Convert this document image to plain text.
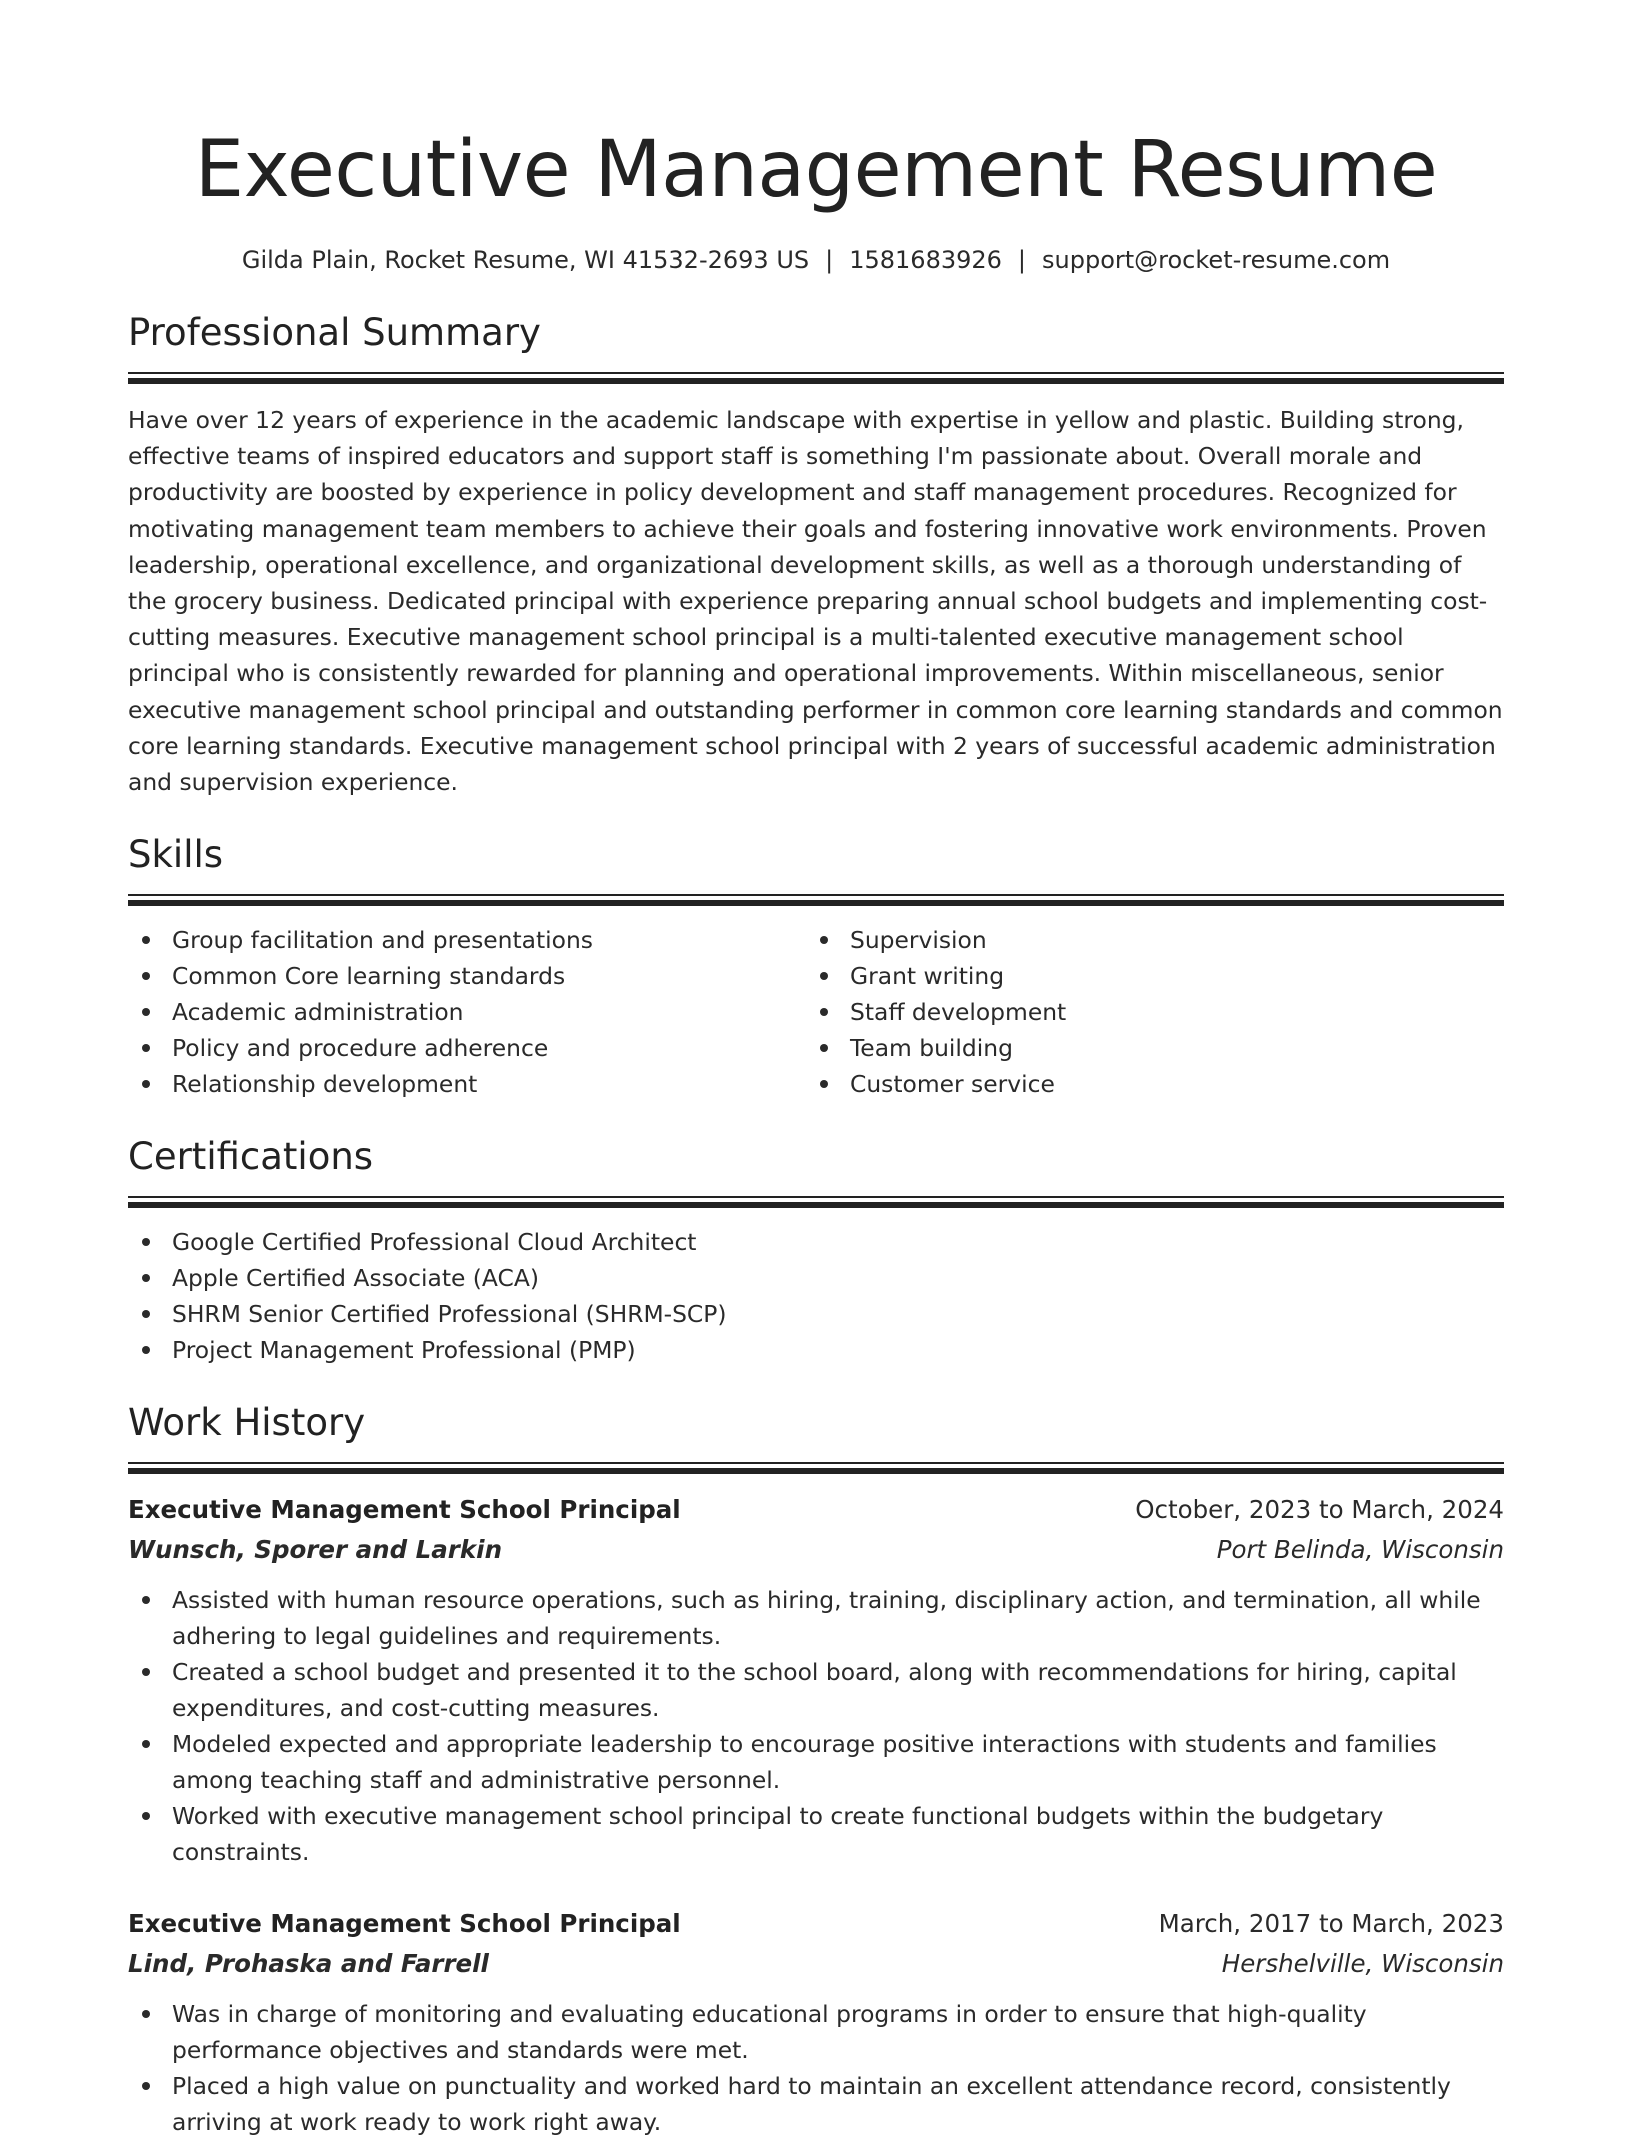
Executive Management Resume
Gilda Plain, Rocket Resume, WI 41532-2693 US | 1581683926 | support@rocket-resume.com
Professional Summary

Have over 12 years of experience in the academic landscape with expertise in yellow and plastic. Building strong, effective teams of inspired educators and support staff is something I'm passionate about. Overall morale and productivity are boosted by experience in policy development and staff management procedures. Recognized for motivating management team members to achieve their goals and fostering innovative work environments. Proven leadership, operational excellence, and organizational development skills, as well as a thorough understanding of the grocery business. Dedicated principal with experience preparing annual school budgets and implementing cost-cutting measures. Executive management school principal is a multi-talented executive management school principal who is consistently rewarded for planning and operational improvements. Within miscellaneous, senior executive management school principal and outstanding performer in common core learning standards and common core learning standards. Executive management school principal with 2 years of successful academic administration and supervision experience.

Skills
Group facilitation and presentations
Common Core learning standards
Academic administration
Policy and procedure adherence
Relationship development
Supervision
Grant writing
Staff development
Team building
Customer service
Certifications
Google Certified Professional Cloud Architect
Apple Certified Associate (ACA)
SHRM Senior Certified Professional (SHRM-SCP)
Project Management Professional (PMP)
Work History
Executive Management School Principal	October, 2023 to March, 2024
Wunsch, Sporer and Larkin	Port Belinda, Wisconsin
Assisted with human resource operations, such as hiring, training, disciplinary action, and termination, all while adhering to legal guidelines and requirements.
Created a school budget and presented it to the school board, along with recommendations for hiring, capital expenditures, and cost-cutting measures.
Modeled expected and appropriate leadership to encourage positive interactions with students and families among teaching staff and administrative personnel.
Worked with executive management school principal to create functional budgets within the budgetary constraints.
Executive Management School Principal	March, 2017 to March, 2023
Lind, Prohaska and Farrell	Hershelville, Wisconsin
Was in charge of monitoring and evaluating educational programs in order to ensure that high-quality performance objectives and standards were met.
Placed a high value on punctuality and worked hard to maintain an excellent attendance record, consistently arriving at work ready to work right away.
